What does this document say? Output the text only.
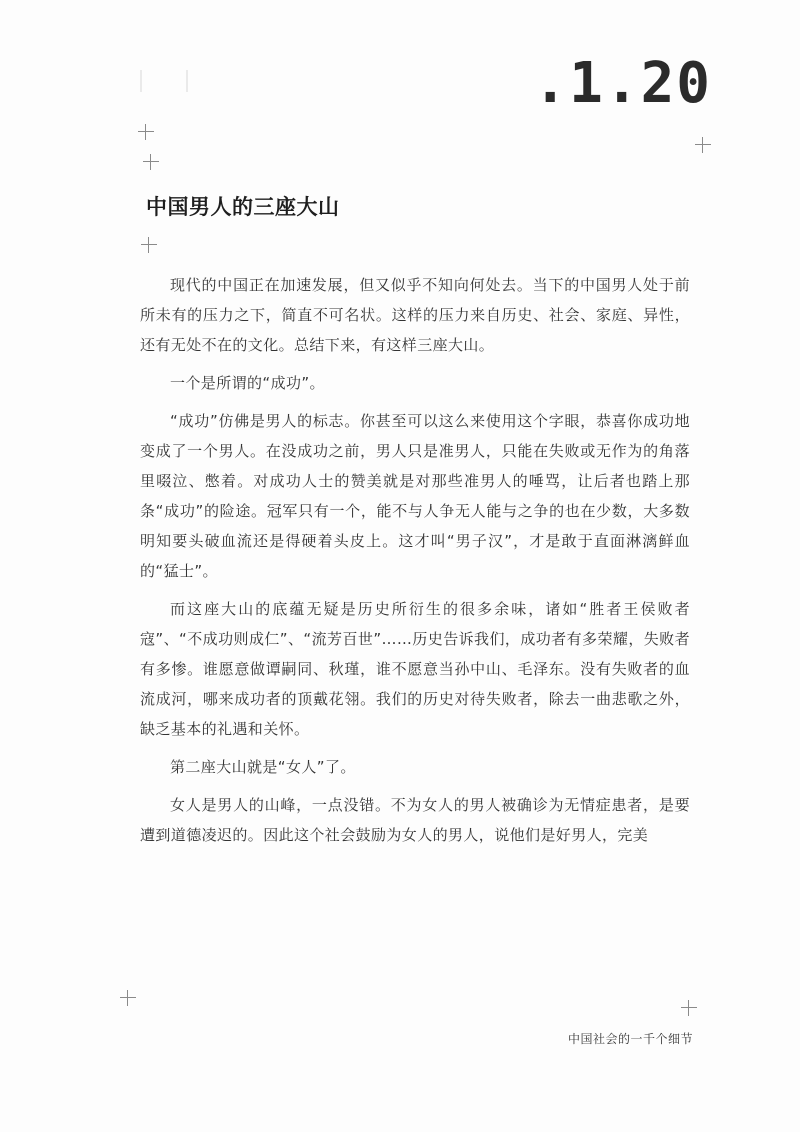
.1.20
中国男人的三座大山

现代的中国正在加速发展，但又似乎不知向何处去。当下的中国男人处于前所未有的压力之下，简直不可名状。这样的压力来自历史、社会、家庭、异性，还有无处不在的文化。总结下来，有这样三座大山。

一个是所谓的“成功”。

“成功”仿佛是男人的标志。你甚至可以这么来使用这个字眼，恭喜你成功地变成了一个男人。在没成功之前，男人只是准男人，只能在失败或无作为的角落里啜泣、憋着。对成功人士的赞美就是对那些准男人的唾骂，让后者也踏上那条“成功”的险途。冠军只有一个，能不与人争无人能与之争的也在少数，大多数明知要头破血流还是得硬着头皮上。这才叫“男子汉”，才是敢于直面淋漓鲜血的“猛士”。

而这座大山的底蕴无疑是历史所衍生的很多余味，诸如“胜者王侯败者寇”、“不成功则成仁”、“流芳百世”……历史告诉我们，成功者有多荣耀，失败者有多惨。谁愿意做谭嗣同、秋瑾，谁不愿意当孙中山、毛泽东。没有失败者的血流成河，哪来成功者的顶戴花翎。我们的历史对待失败者，除去一曲悲歌之外，缺乏基本的礼遇和关怀。

第二座大山就是“女人”了。

女人是男人的山峰，一点没错。不为女人的男人被确诊为无情症患者，是要遭到道德凌迟的。因此这个社会鼓励为女人的男人，说他们是好男人，完美

中国社会的一千个细节
